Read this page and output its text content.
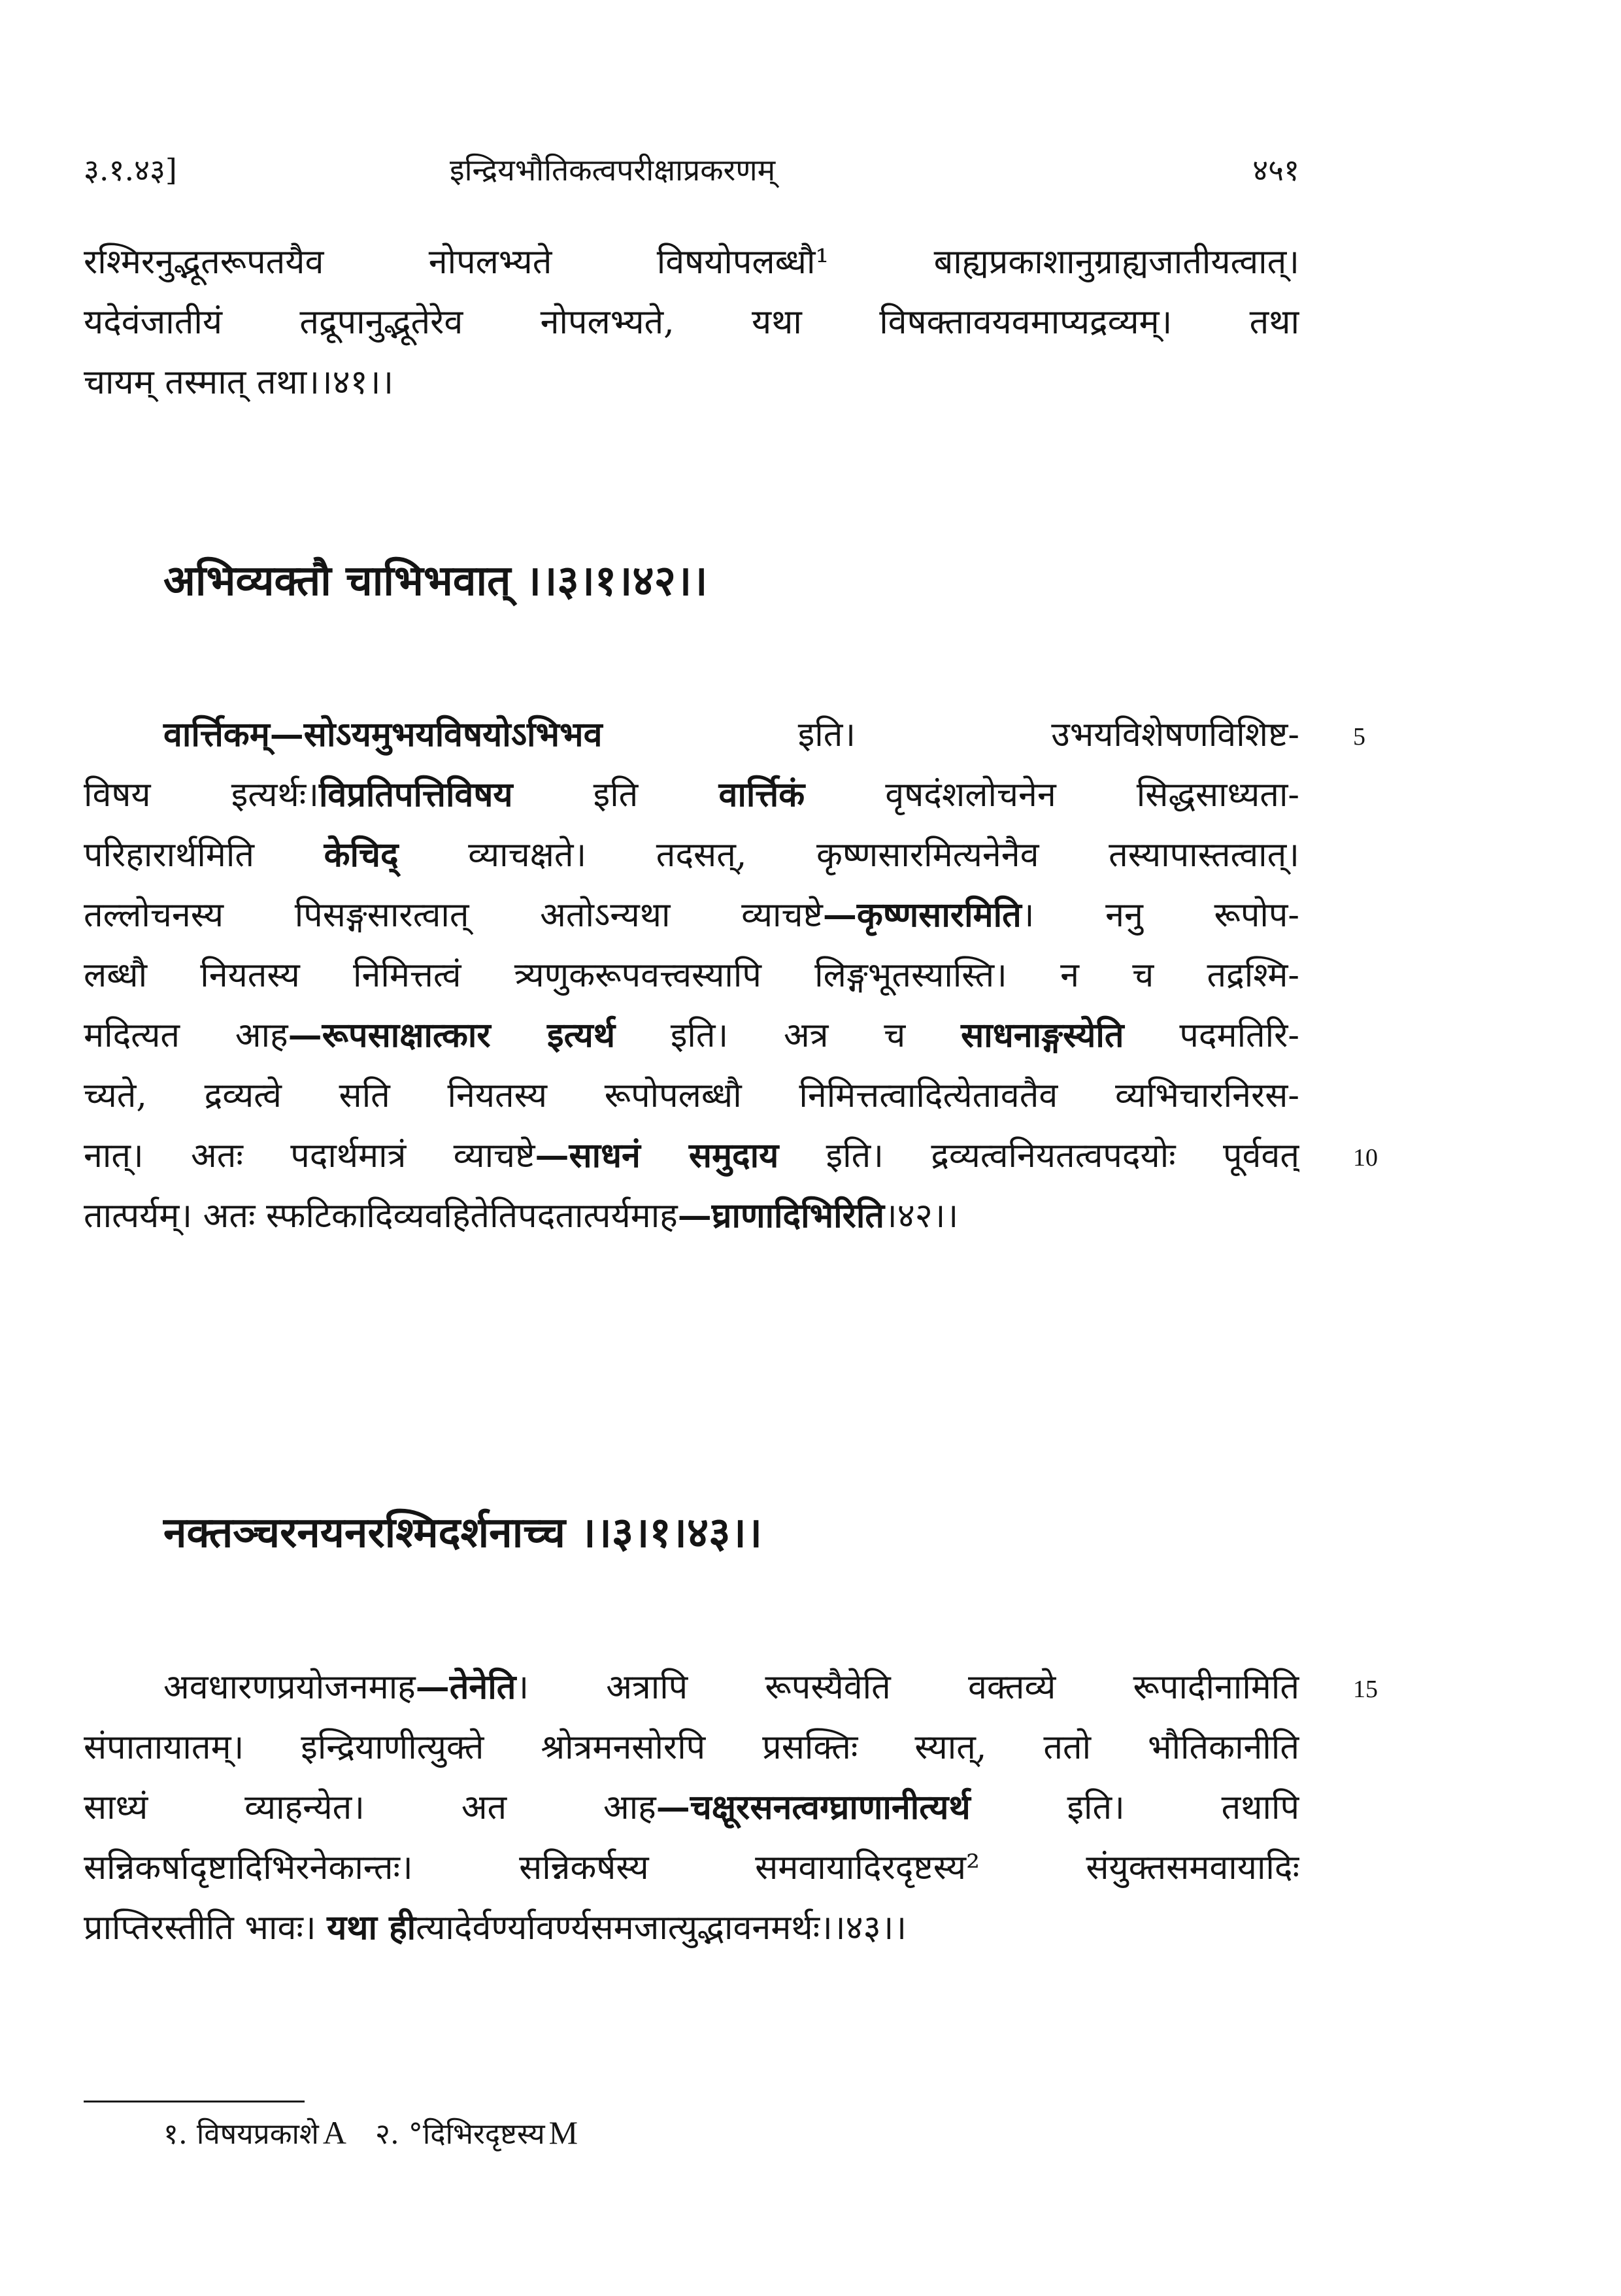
३.१.४३]	इन्द्रियभौतिकत्वपरीक्षाप्रकरणम्	४५१
रश्मिरनुद्भूतरूपतयैव नोपलभ्यते विषयोपलब्धौ¹ बाह्यप्रकाशानुग्राह्यजातीयत्वात्।
यदेवंजातीयं तद्रूपानुद्भूतेरेव नोपलभ्यते, यथा विषक्तावयवमाप्यद्रव्यम्। तथा
चायम् तस्मात् तथा।।४१।।
अभिव्यक्तौ चाभिभवात् ।।३।१।४२।।
वार्त्तिकम्—सोऽयमुभयविषयोऽभिभव इति। उभयविशेषणविशिष्ट-
विषय इत्यर्थः।विप्रतिपत्तिविषय इति वार्त्तिकं वृषदंशलोचनेन सिद्धसाध्यता-
परिहारार्थमिति केचिद् व्याचक्षते। तदसत्, कृष्णसारमित्यनेनैव तस्यापास्तत्वात्।
तल्लोचनस्य पिसङ्गसारत्वात् अतोऽन्यथा व्याचष्टे—कृष्णसारमिति। ननु रूपोप-
लब्धौ नियतस्य निमित्तत्वं त्र्यणुकरूपवत्त्वस्यापि लिङ्गभूतस्यास्ति। न च तद्रश्मि-
मदित्यत आह—रूपसाक्षात्कार इत्यर्थ इति। अत्र च साधनाङ्गस्येति पदमतिरि-
च्यते, द्रव्यत्वे सति नियतस्य रूपोपलब्धौ निमित्तत्वादित्येतावतैव व्यभिचारनिरस-
नात्। अतः पदार्थमात्रं व्याचष्टे—साधनं समुदाय इति। द्रव्यत्वनियतत्वपदयोः पूर्ववत्
तात्पर्यम्। अतः स्फटिकादिव्यवहितेतिपदतात्पर्यमाह—घ्राणादिभिरिति।४२।।
नक्तञ्चरनयनरश्मिदर्शनाच्च ।।३।१।४३।।
अवधारणप्रयोजनमाह—तेनेति। अत्रापि रूपस्यैवेति वक्तव्ये रूपादीनामिति
संपातायातम्। इन्द्रियाणीत्युक्ते श्रोत्रमनसोरपि प्रसक्तिः स्यात्, ततो भौतिकानीति
साध्यं व्याहन्येत। अत आह—चक्षूरसनत्वग्घ्राणानीत्यर्थ इति। तथापि
सन्निकर्षादृष्टादिभिरनेकान्तः। सन्निकर्षस्य समवायादिरदृष्टस्य² संयुक्तसमवायादिः
प्राप्तिरस्तीति भावः। यथा हीत्यादेर्वर्ण्यावर्ण्यसमजात्युद्भावनमर्थः।।४३।।
5
10
15
१. विषयप्रकाशे A २. °दिभिरदृष्टस्य M
